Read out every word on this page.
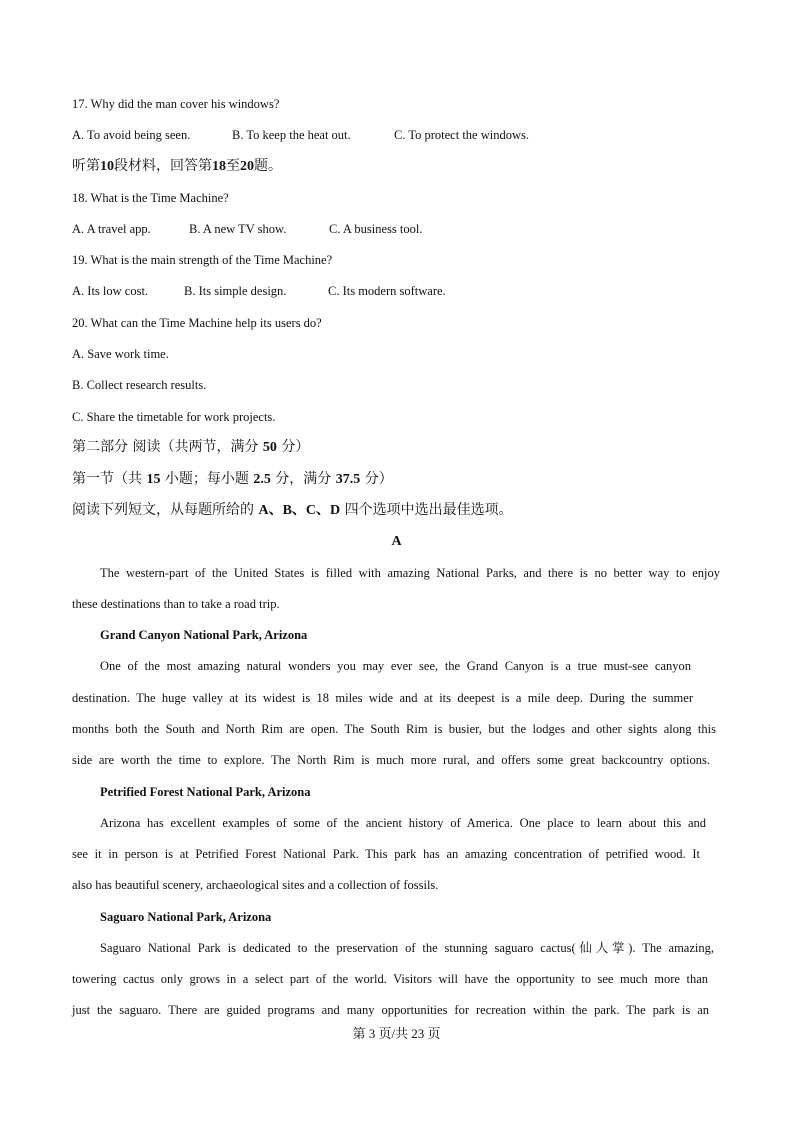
17. Why did the man cover his windows?
A. To avoid being seen.	B. To keep the heat out.	C. To protect the windows.
听第10段材料，回答第18至20题。
18. What is the Time Machine?
A. A travel app.	B. A new TV show.	C. A business tool.
19. What is the main strength of the Time Machine?
A. Its low cost.	B. Its simple design.	C. Its modern software.
20. What can the Time Machine help its users do?
A. Save work time.
B. Collect research results.
C. Share the timetable for work projects.
第二部分 阅读（共两节，满分 50 分）
第一节（共 15 小题；每小题 2.5 分，满分 37.5 分）
阅读下列短文，从每题所给的 A、B、C、D 四个选项中选出最佳选项。
A
The western-part of the United States is filled with amazing National Parks, and there is no better way to enjoy
these destinations than to take a road trip.
Grand Canyon National Park, Arizona
One of the most amazing natural wonders you may ever see, the Grand Canyon is a true must-see canyon
destination. The huge valley at its widest is 18 miles wide and at its deepest is a mile deep. During the summer
months both the South and North Rim are open. The South Rim is busier, but the lodges and other sights along this
side are worth the time to explore. The North Rim is much more rural, and offers some great backcountry options.
Petrified Forest National Park, Arizona
Arizona has excellent examples of some of the ancient history of America. One place to learn about this and
see it in person is at Petrified Forest National Park. This park has an amazing concentration of petrified wood. It
also has beautiful scenery, archaeological sites and a collection of fossils.
Saguaro National Park, Arizona
Saguaro National Park is dedicated to the preservation of the stunning saguaro cactus(仙人掌). The amazing,
towering cactus only grows in a select part of the world. Visitors will have the opportunity to see much more than
just the saguaro. There are guided programs and many opportunities for recreation within the park. The park is an
第 3 页/共 23 页
